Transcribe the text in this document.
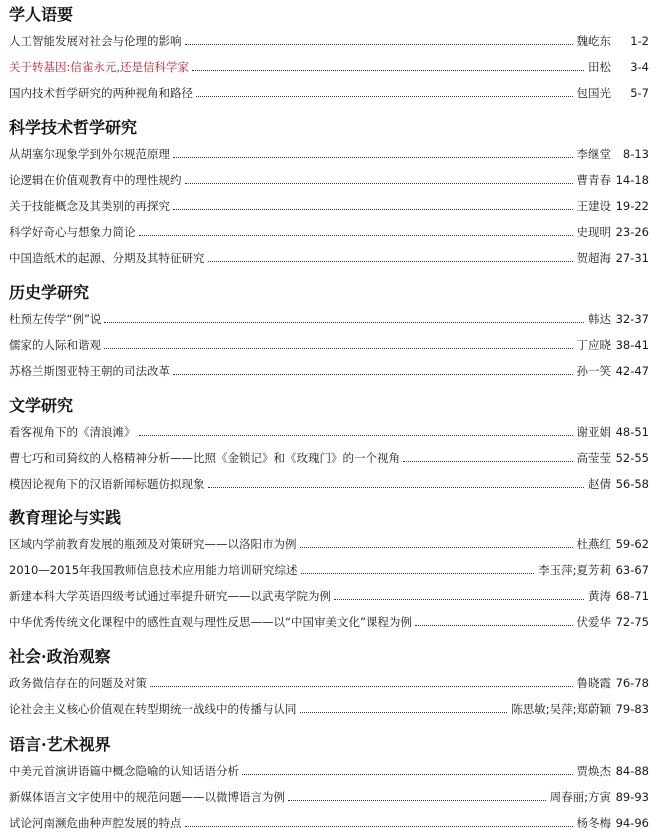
学人语要
人工智能发展对社会与伦理的影响	魏屹东	1-2
关于转基因:信雀永元,还是信科学家	田松	3-4
国内技术哲学研究的两种视角和路径	包国光	5-7
科学技术哲学研究
从胡塞尔现象学到外尔规范原理	李继堂	8-13
论逻辑在价值观教育中的理性规约	曹青春 14-18
关于技能概念及其类别的再探究	王建设 19-22
科学好奇心与想象力简论	史现明 23-26
中国造纸术的起源、分期及其特征研究	贺超海 27-31
历史学研究
杜预左传学“例”说	韩达 32-37
儒家的人际和谐观	丁应晓 38-41
苏格兰斯图亚特王朝的司法改革	孙一笑 42-47
文学研究
看客视角下的《清浪滩》	谢亚娟 48-51
曹七巧和司猗纹的人格精神分析——比照《金锁记》和《玫瑰门》的一个视角	高莹莹 52-55
模因论视角下的汉语新闻标题仿拟现象	赵倩 56-58
教育理论与实践
区域内学前教育发展的瓶颈及对策研究——以洛阳市为例	杜燕红 59-62
2010—2015年我国教师信息技术应用能力培训研究综述	李玉萍;夏芳莉 63-67
新建本科大学英语四级考试通过率提升研究——以武夷学院为例	黄涛 68-71
中华优秀传统文化课程中的感性直观与理性反思——以“中国审美文化”课程为例	伏爱华 72-75
社会·政治观察
政务微信存在的问题及对策	鲁晓霞 76-78
论社会主义核心价值观在转型期统一战线中的传播与认同	陈思敏;吴萍;郑蔚颖 79-83
语言·艺术视界
中美元首演讲语篇中概念隐喻的认知话语分析	贾焕杰 84-88
新媒体语言文字使用中的规范问题——以微博语言为例	周春丽;方寅 89-93
试论河南濒危曲种声腔发展的特点	杨冬梅 94-96
